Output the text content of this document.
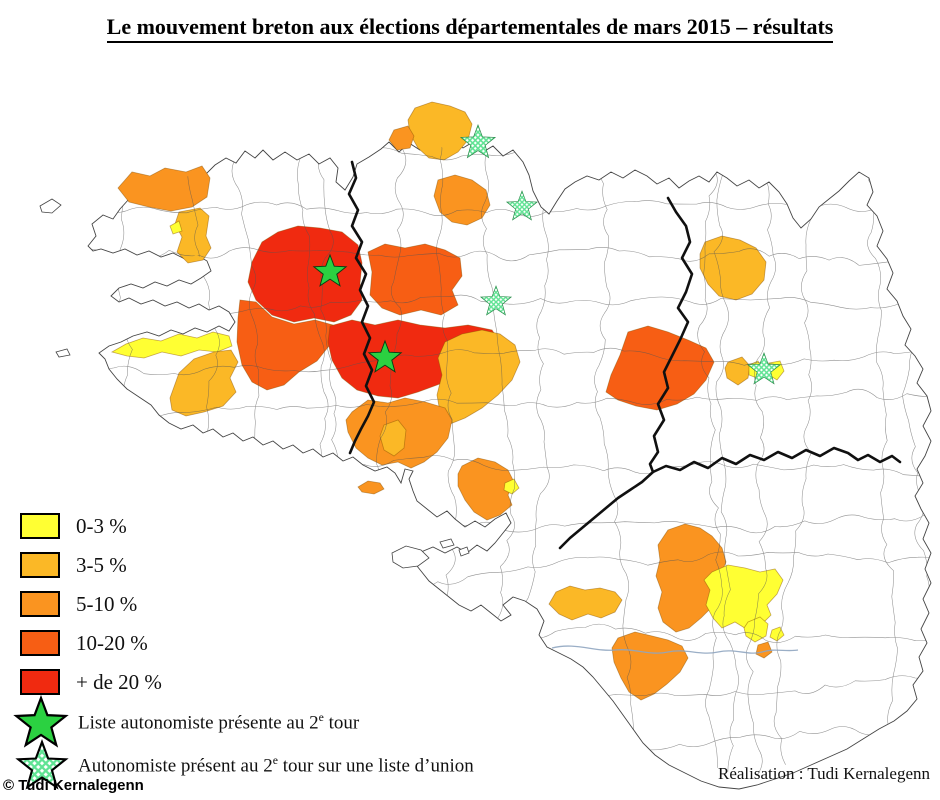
Le mouvement breton aux élections départementales de mars 2015 – résultats
0-3 %
3-5 %
5-10 %
10-20 %
+ de 20 %
Liste autonomiste présente au 2e tour
Autonomiste présent au 2e tour sur une liste d’union
© Tudi Kernalegenn
Réalisation : Tudi Kernalegenn
